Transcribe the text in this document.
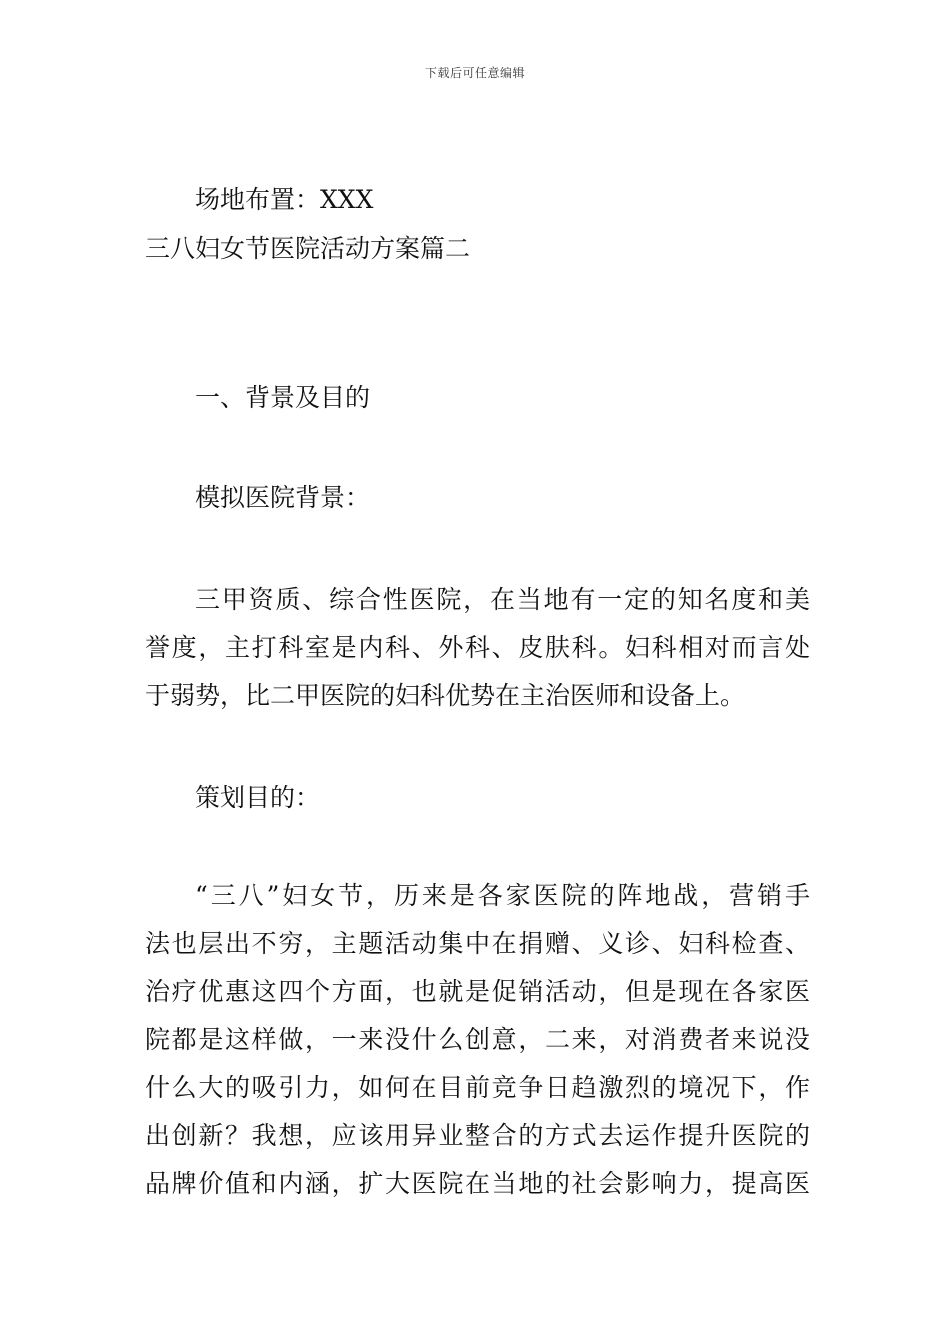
下载后可任意编辑
场地布置：XXX
三八妇女节医院活动方案篇二
一、背景及目的
模拟医院背景：
三甲资质、综合性医院，在当地有一定的知名度和美
誉度，主打科室是内科、外科、皮肤科。妇科相对而言处
于弱势，比二甲医院的妇科优势在主治医师和设备上。
策划目的：
“三八”妇女节，历来是各家医院的阵地战，营销手
法也层出不穷，主题活动集中在捐赠、义诊、妇科检查、
治疗优惠这四个方面，也就是促销活动，但是现在各家医
院都是这样做，一来没什么创意，二来，对消费者来说没
什么大的吸引力，如何在目前竞争日趋激烈的境况下，作
出创新？我想，应该用异业整合的方式去运作提升医院的
品牌价值和内涵，扩大医院在当地的社会影响力，提高医
